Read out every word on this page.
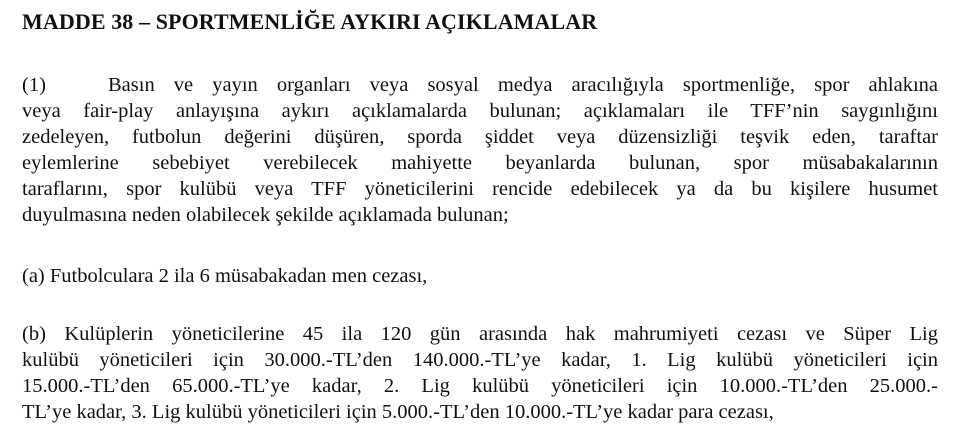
MADDE 38 – SPORTMENLİĞE AYKIRI AÇIKLAMALAR
(1)	Basın ve yayın organları veya sosyal medya aracılığıyla sportmenliğe, spor ahlakına
veya fair-play anlayışına aykırı açıklamalarda bulunan; açıklamaları ile TFF’nin saygınlığını
zedeleyen, futbolun değerini düşüren, sporda şiddet veya düzensizliği teşvik eden, taraftar
eylemlerine sebebiyet verebilecek mahiyette beyanlarda bulunan, spor müsabakalarının
taraflarını, spor kulübü veya TFF yöneticilerini rencide edebilecek ya da bu kişilere husumet
duyulmasına neden olabilecek şekilde açıklamada bulunan;
(a) Futbolculara 2 ila 6 müsabakadan men cezası,
(b) Kulüplerin yöneticilerine 45 ila 120 gün arasında hak mahrumiyeti cezası ve Süper Lig
kulübü yöneticileri için 30.000.-TL’den 140.000.-TL’ye kadar, 1. Lig kulübü yöneticileri için
15.000.-TL’den 65.000.-TL’ye kadar, 2. Lig kulübü yöneticileri için 10.000.-TL’den 25.000.-
TL’ye kadar, 3. Lig kulübü yöneticileri için 5.000.-TL’den 10.000.-TL’ye kadar para cezası,
